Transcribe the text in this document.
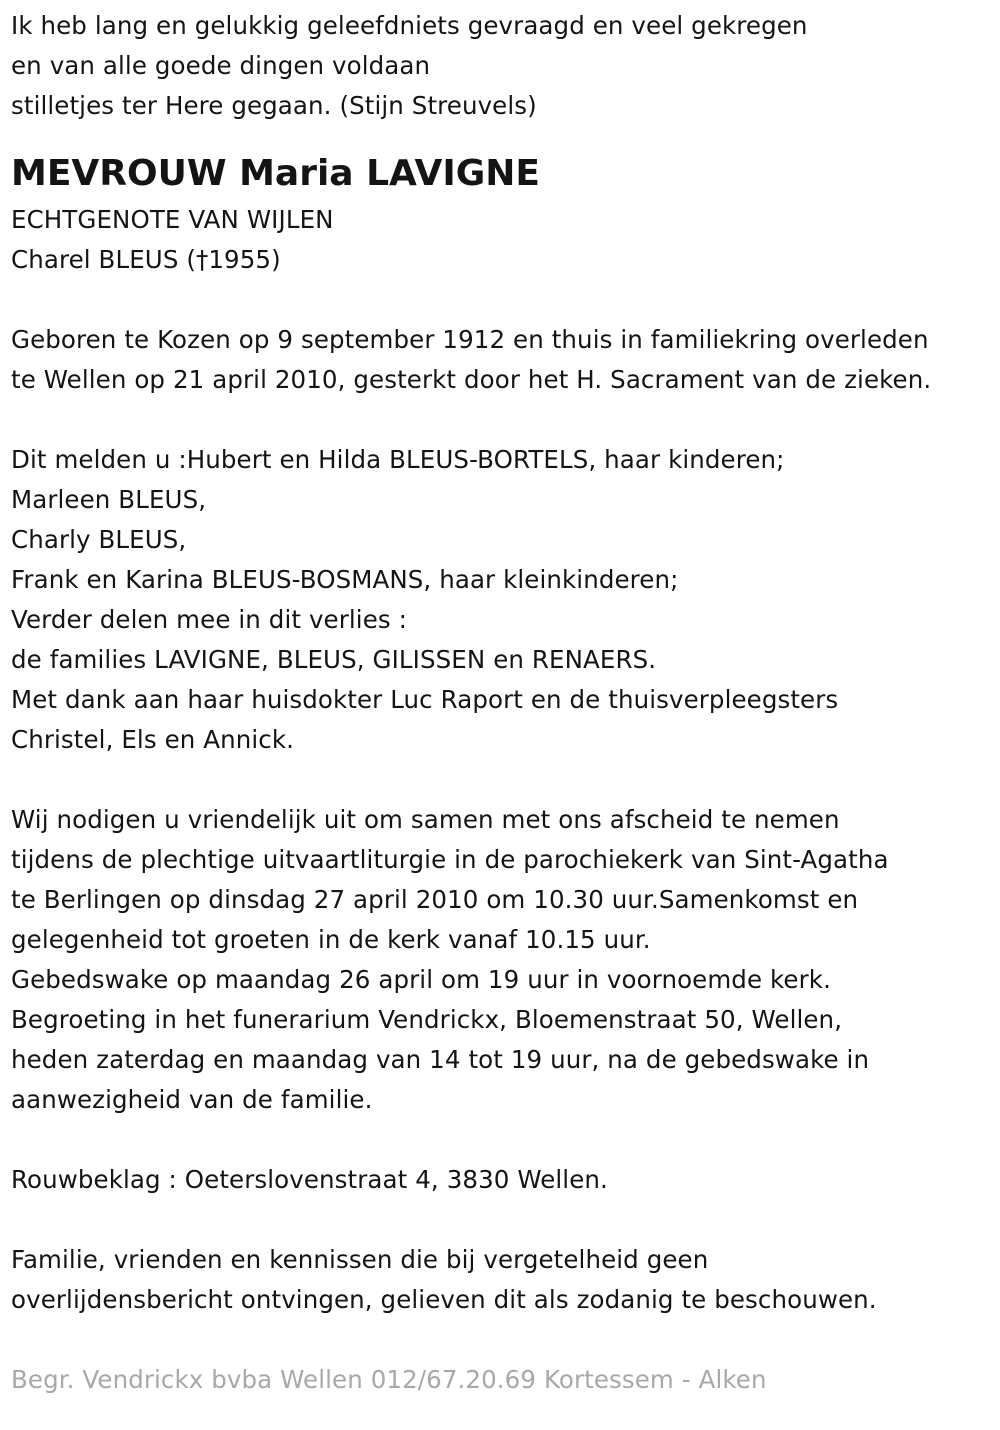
Ik heb lang en gelukkig geleefdniets gevraagd en veel gekregen
en van alle goede dingen voldaan
stilletjes ter Here gegaan. (Stijn Streuvels)
MEVROUW Maria LAVIGNE
ECHTGENOTE VAN WIJLEN
Charel BLEUS (†1955)
Geboren te Kozen op 9 september 1912 en thuis in familiekring overleden
te Wellen op 21 april 2010, gesterkt door het H. Sacrament van de zieken.
Dit melden u :Hubert en Hilda BLEUS-BORTELS, haar kinderen;
Marleen BLEUS,
Charly BLEUS,
Frank en Karina BLEUS-BOSMANS, haar kleinkinderen;
Verder delen mee in dit verlies :
de families LAVIGNE, BLEUS, GILISSEN en RENAERS.
Met dank aan haar huisdokter Luc Raport en de thuisverpleegsters
Christel, Els en Annick.
Wij nodigen u vriendelijk uit om samen met ons afscheid te nemen
tijdens de plechtige uitvaartliturgie in de parochiekerk van Sint-Agatha
te Berlingen op dinsdag 27 april 2010 om 10.30 uur.Samenkomst en
gelegenheid tot groeten in de kerk vanaf 10.15 uur.
Gebedswake op maandag 26 april om 19 uur in voornoemde kerk.
Begroeting in het funerarium Vendrickx, Bloemenstraat 50, Wellen,
heden zaterdag en maandag van 14 tot 19 uur, na de gebedswake in
aanwezigheid van de familie.
Rouwbeklag : Oeterslovenstraat 4, 3830 Wellen.
Familie, vrienden en kennissen die bij vergetelheid geen
overlijdensbericht ontvingen, gelieven dit als zodanig te beschouwen.
Begr. Vendrickx bvba Wellen 012/67.20.69 Kortessem - Alken
